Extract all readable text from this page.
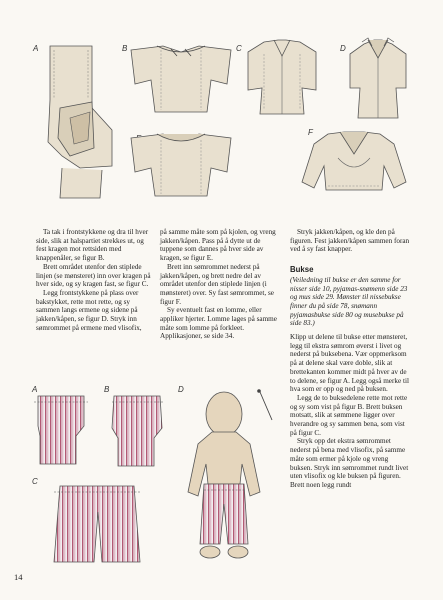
A	B	C	D
F

Ta tak i frontstykkene og dra til hver side, slik at halspartiet strekkes ut, og fest kragen mot rettsiden med knappenåler, se figur B.

Brett området utenfor den stiplede linjen (se mønsteret) inn over kragen på hver side, og sy kragen fast, se figur C.

Legg frontstykkene på plass over bakstykket, rette mot rette, og sy sammen langs ermene og sidene på jakken/kåpen, se figur D. Stryk inn sømrommet på ermene med vlisofix,

på samme måte som på kjolen, og vreng jakken/kåpen. Pass på å dytte ut de tuppene som dannes på hver side av kragen, se figur E.

Brett inn sømrommet nederst på jakken/kåpen, og brett nedre del av området utenfor den stiplede linjen (i mønsteret) over. Sy fast sømrommet, se figur F.

Sy eventuelt fast en lomme, eller appliker hjerter. Lomme lages på samme måte som lomme på forkleet. Applikasjoner, se side 34.

Stryk jakken/kåpen, og kle den på figuren. Fest jakken/kåpen sammen foran ved å sy fast knapper.

Bukse

(Veiledning til bukse er den samme for nisser side 10, pyjamas-snømenn side 23 og mus side 29. Mønster til nissebukse finner du på side 78, snømann pyjamasbukse side 80 og musebukse på side 83.)

Klipp ut delene til bukse etter mønsteret, legg til ekstra sømrom øverst i livet og nederst på buksebena. Vær oppmerksom på at delene skal være doble, slik at brettekanten kommer midt på hver av de to delene, se figur A. Legg også merke til hva som er opp og ned på buksen.

Legg de to buksedelene rette mot rette og sy som vist på figur B. Brett buksen motsatt, slik at sømmene ligger over hverandre og sy sammen bena, som vist på figur C.

Stryk opp det ekstra sømrommet nederst på bena med vlisofix, på samme måte som ermer på kjole og vreng buksen. Stryk inn sømrommet rundt livet uten vlisofix og kle buksen på figuren. Brett noen legg rundt

A	B
C
D
14
